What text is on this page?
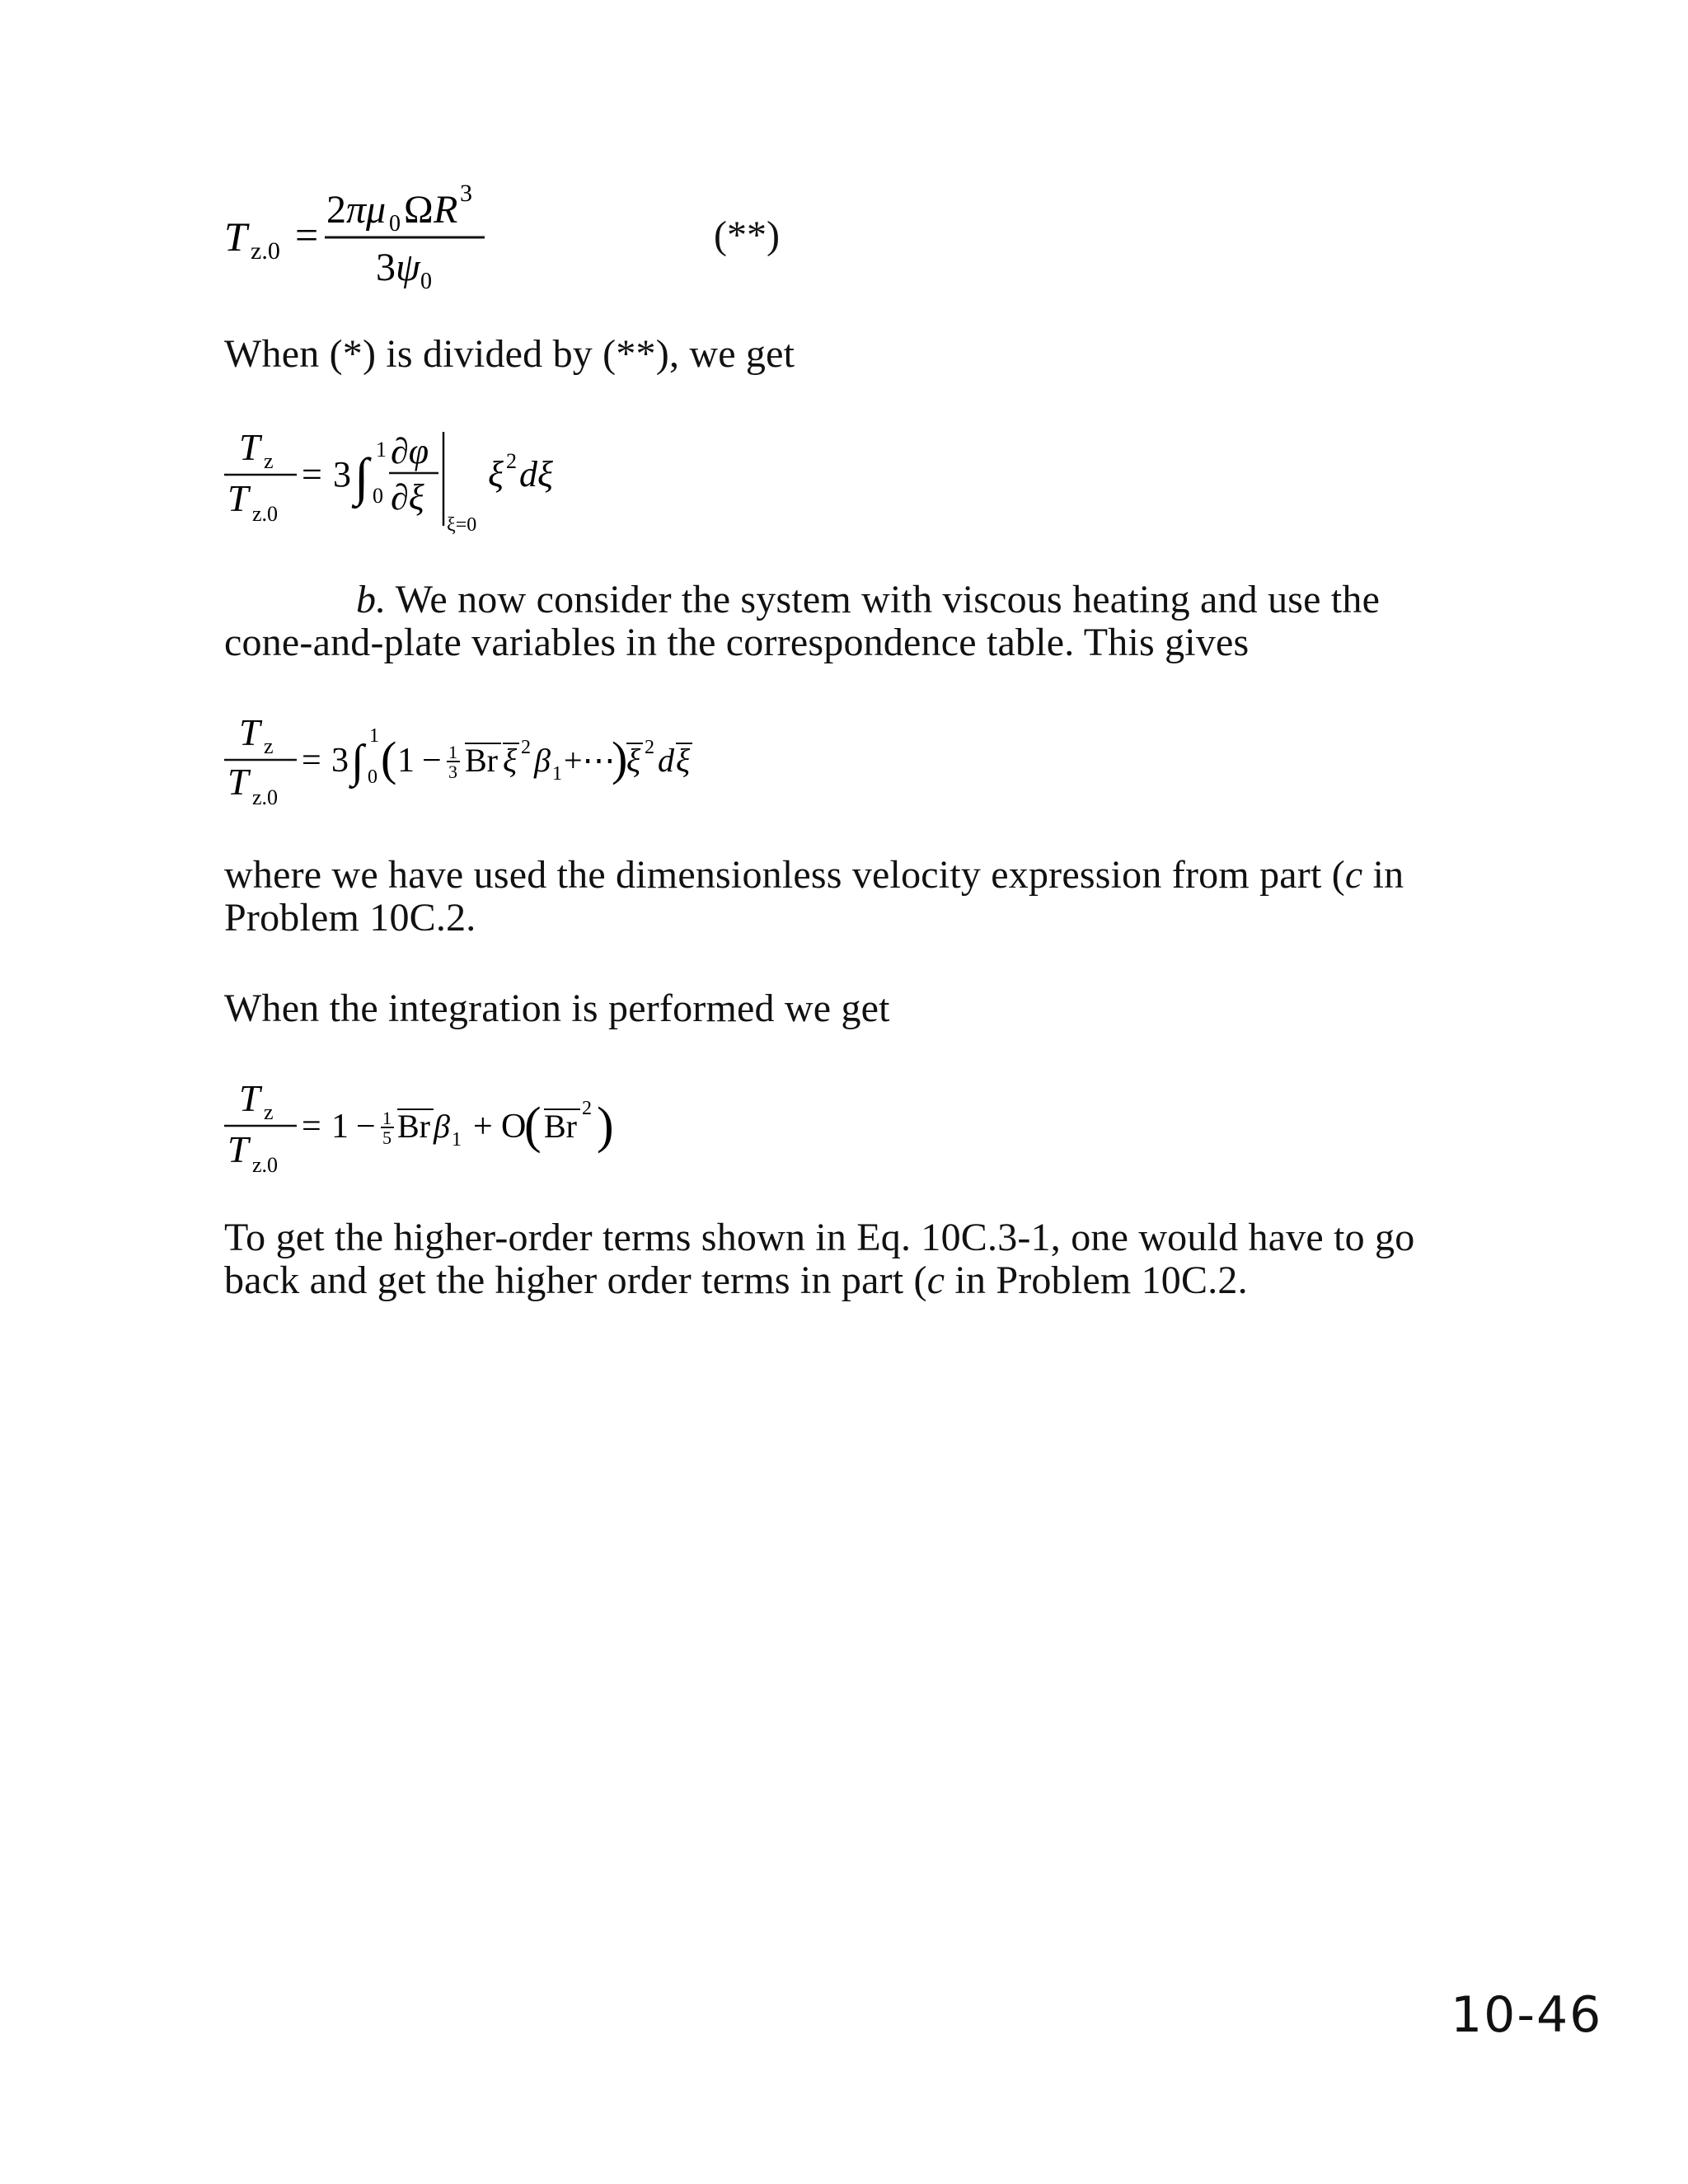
T z.0 =
2 πμ 0 Ω R 3
3 ψ 0
(**)
When (*) is divided by (**), we get
T z
T z.0
= 3 ∫ 1
0
∂φ
∂ξ
ξ=0
ξ 2 dξ
b. We now consider the system with viscous heating and use the cone-and-plate variables in the correspondence table. This gives
T z
T z.0
= 3 ∫ 1
0 ( 1 − 1
3 Br ξ 2 β 1 +⋯
)
ξ 2 d ξ
where we have used the dimensionless velocity expression from part (c in Problem 10C.2.
When the integration is performed we get
T z
T z.0
= 1 − 1
5 Br β 1 + O
( Br 2 )
To get the higher-order terms shown in Eq. 10C.3-1, one would have to go back and get the higher order terms in part (c in Problem 10C.2.
10-46
